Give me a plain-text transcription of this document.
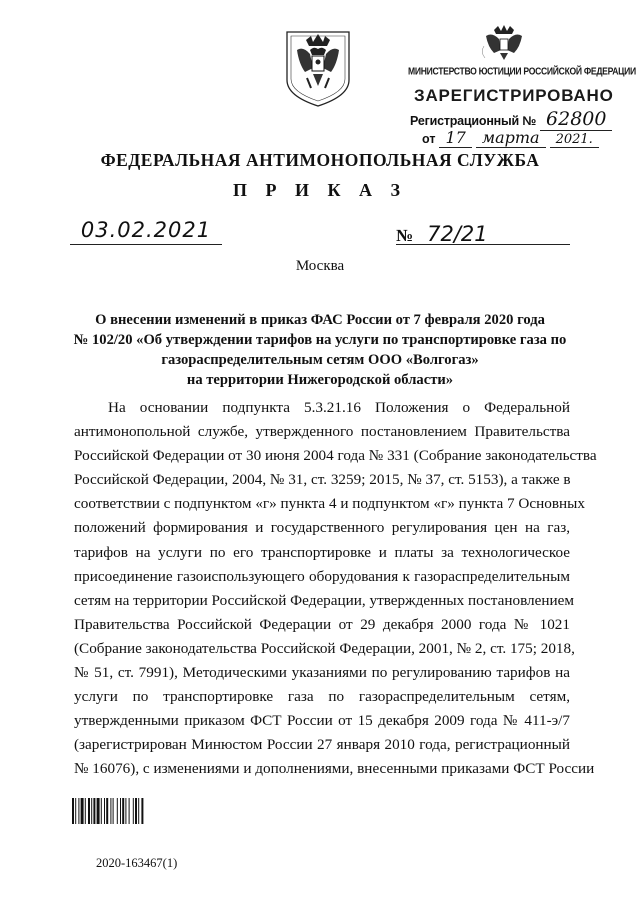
МИНИСТЕРСТВО ЮСТИЦИИ РОССИЙСКОЙ ФЕДЕРАЦИИ
ЗАРЕГИСТРИРОВАНО
Регистрационный № 62800
от 17 марта 2021.
ФЕДЕРАЛЬНАЯ АНТИМОНОПОЛЬНАЯ СЛУЖБА
П Р И К А З
03.02.2021	№ 72/21
Москва
О внесении изменений в приказ ФАС России от 7 февраля 2020 года
№ 102/20 «Об утверждении тарифов на услуги по транспортировке газа по
газораспределительным сетям ООО «Волгогаз»
на территории Нижегородской области»
На основании подпункта 5.3.21.16 Положения о Федеральной
антимонопольной службе, утвержденного постановлением Правительства
Российской Федерации от 30 июня 2004 года № 331 (Собрание законодательства
Российской Федерации, 2004, № 31, ст. 3259; 2015, № 37, ст. 5153), а также в
соответствии с подпунктом «г» пункта 4 и подпунктом «г» пункта 7 Основных
положений формирования и государственного регулирования цен на газ,
тарифов на услуги по его транспортировке и платы за технологическое
присоединение газоиспользующего оборудования к газораспределительным
сетям на территории Российской Федерации, утвержденных постановлением
Правительства Российской Федерации от 29 декабря 2000 года № 1021
(Собрание законодательства Российской Федерации, 2001, № 2, ст. 175; 2018,
№ 51, ст. 7991), Методическими указаниями по регулированию тарифов на
услуги по транспортировке газа по газораспределительным сетям,
утвержденными приказом ФСТ России от 15 декабря 2009 года № 411-э/7
(зарегистрирован Минюстом России 27 января 2010 года, регистрационный
№ 16076), с изменениями и дополнениями, внесенными приказами ФСТ России
2020-163467(1)
